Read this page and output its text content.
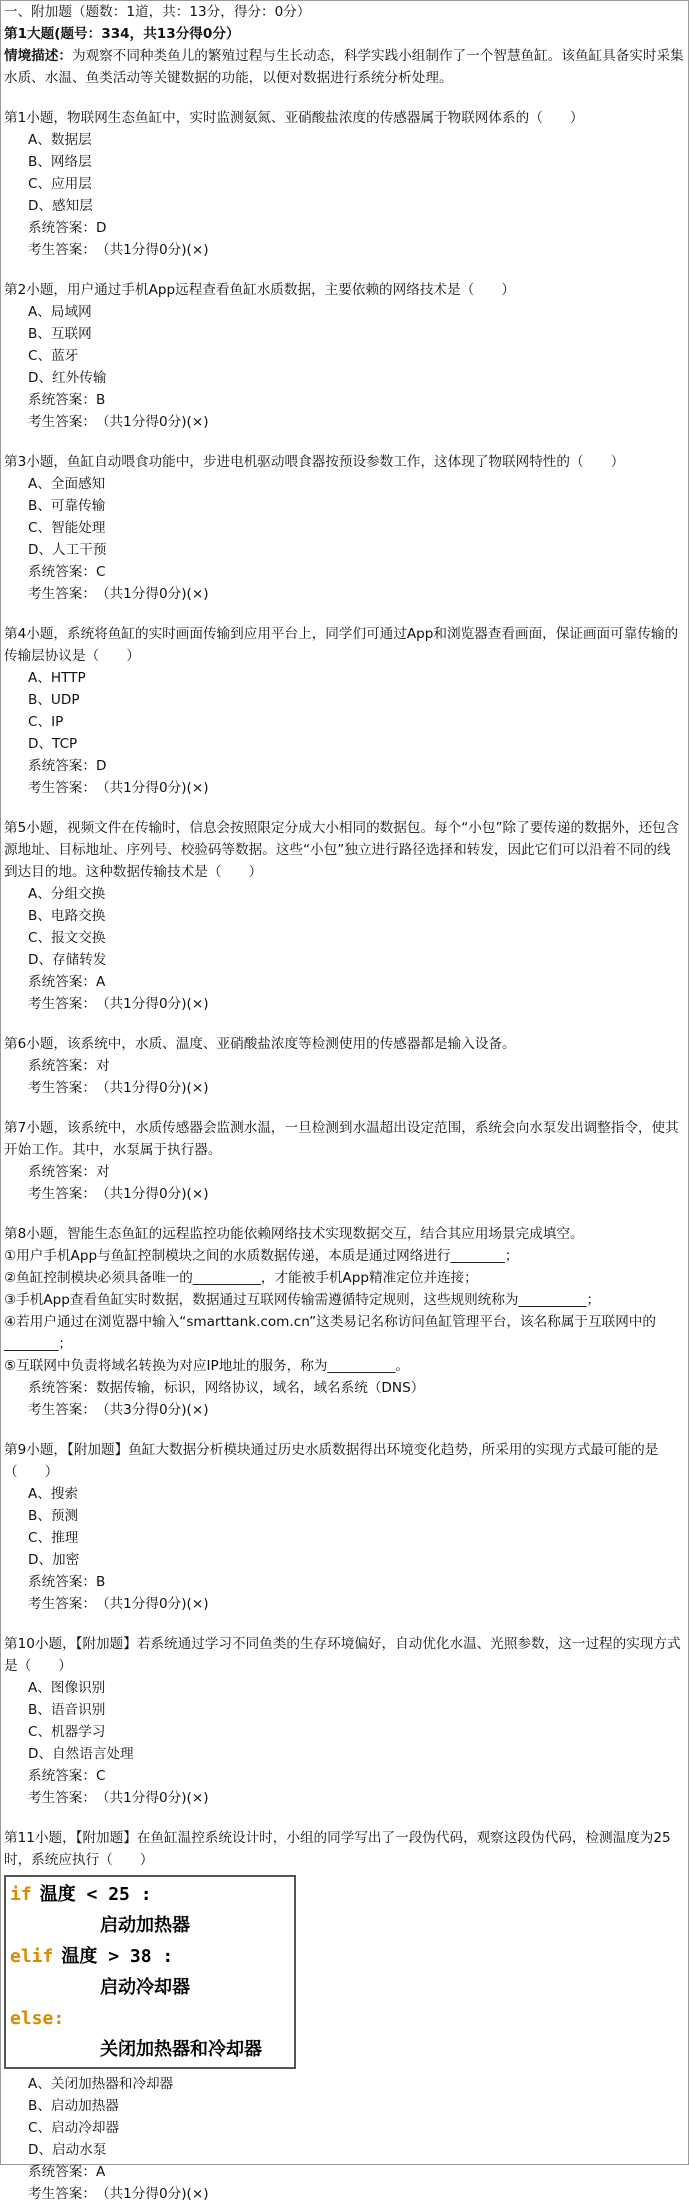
一、附加题（题数：1道，共：13分，得分：0分）
第1大题(题号：334，共13分得0分）
情境描述：为观察不同种类鱼儿的繁殖过程与生长动态，科学实践小组制作了一个智慧鱼缸。该鱼缸具备实时采集水质、水温、鱼类活动等关键数据的功能，以便对数据进行系统分析处理。
第1小题，物联网生态鱼缸中，实时监测氨氮、亚硝酸盐浓度的传感器属于物联网体系的（　　）
A、数据层
B、网络层
C、应用层
D、感知层
系统答案：D
考生答案：　（共1分得0分)(×)
第2小题，用户通过手机App远程查看鱼缸水质数据，主要依赖的网络技术是（　　）
A、局域网
B、互联网
C、蓝牙
D、红外传输
系统答案：B
考生答案：　（共1分得0分)(×)
第3小题，鱼缸自动喂食功能中，步进电机驱动喂食器按预设参数工作，这体现了物联网特性的（　　）
A、全面感知
B、可靠传输
C、智能处理
D、人工干预
系统答案：C
考生答案：　（共1分得0分)(×)
第4小题，系统将鱼缸的实时画面传输到应用平台上，同学们可通过App和浏览器查看画面，保证画面可靠传输的传输层协议是（　　）
A、HTTP
B、UDP
C、IP
D、TCP
系统答案：D
考生答案：　（共1分得0分)(×)
第5小题，视频文件在传输时，信息会按照限定分成大小相同的数据包。每个“小包”除了要传递的数据外，还包含源地址、目标地址、序列号、校验码等数据。这些“小包”独立进行路径选择和转发，因此它们可以沿着不同的线到达目的地。这种数据传输技术是（　　）
A、分组交换
B、电路交换
C、报文交换
D、存储转发
系统答案：A
考生答案：　（共1分得0分)(×)
第6小题，该系统中，水质、温度、亚硝酸盐浓度等检测使用的传感器都是输入设备。
系统答案：对
考生答案：　（共1分得0分)(×)
第7小题，该系统中，水质传感器会监测水温，一旦检测到水温超出设定范围，系统会向水泵发出调整指令，使其开始工作。其中，水泵属于执行器。
系统答案：对
考生答案：　（共1分得0分)(×)
第8小题，智能生态鱼缸的远程监控功能依赖网络技术实现数据交互，结合其应用场景完成填空。
①用户手机App与鱼缸控制模块之间的水质数据传递，本质是通过网络进行________；
②鱼缸控制模块必须具备唯一的__________，才能被手机App精准定位并连接；
③手机App查看鱼缸实时数据，数据通过互联网传输需遵循特定规则，这些规则统称为__________；
④若用户通过在浏览器中输入“smarttank.com.cn”这类易记名称访问鱼缸管理平台，该名称属于互联网中的________；
⑤互联网中负责将域名转换为对应IP地址的服务，称为__________。
系统答案：数据传输，标识，网络协议，域名，域名系统（DNS）
考生答案：　（共3分得0分)(×)
第9小题，【附加题】鱼缸大数据分析模块通过历史水质数据得出环境变化趋势，所采用的实现方式最可能的是（　　）
A、搜索
B、预测
C、推理
D、加密
系统答案：B
考生答案：　（共1分得0分)(×)
第10小题，【附加题】若系统通过学习不同鱼类的生存环境偏好，自动优化水温、光照参数，这一过程的实现方式是（　　）
A、图像识别
B、语音识别
C、机器学习
D、自然语言处理
系统答案：C
考生答案：　（共1分得0分)(×)
第11小题，【附加题】在鱼缸温控系统设计时，小组的同学写出了一段伪代码，观察这段伪代码，检测温度为25时，系统应执行（　　）
if 温度 < 25 :
启动加热器
elif 温度 > 38 :
启动冷却器
else:
关闭加热器和冷却器
A、关闭加热器和冷却器
B、启动加热器
C、启动冷却器
D、启动水泵
系统答案：A
考生答案：　（共1分得0分)(×)
